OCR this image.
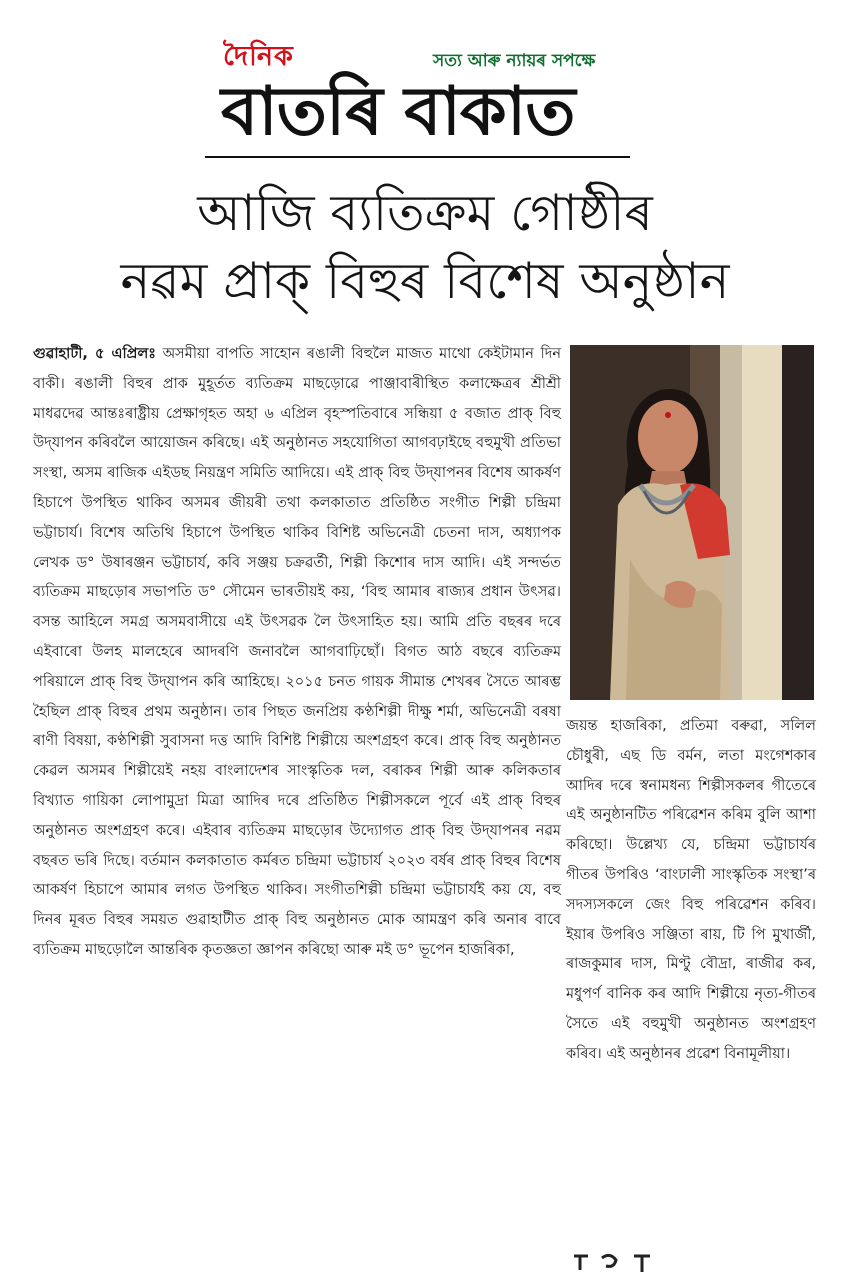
দৈনিক	সত্য আৰু ন্যায়ৰ সপক্ষে
বাতৰি বাকাত
আজি ব্যতিক্ৰম গোষ্ঠীৰ
নৱম প্ৰাক্ বিহুৰ বিশেষ অনুষ্ঠান

গুৱাহাটী, ৫ এপ্ৰিলঃ অসমীয়া বাপতি সাহোন ৰঙালী বিহুলৈ মাজত মাথো কেইটামান দিন বাকী। ৰঙালী বিহুৰ প্ৰাক মুহূৰ্তত ব্যতিক্ৰম মাছড়োৱে পাঞ্জাবাৰীস্থিত কলাক্ষেত্ৰৰ শ্ৰীশ্ৰী মাধৱদেৱ আন্তঃৰাষ্ট্ৰীয় প্ৰেক্ষাগৃহত অহা ৬ এপ্ৰিল বৃহস্পতিবাৰে সন্ধিয়া ৫ বজাত প্ৰাক্ বিহু উদ্‌যাপন কৰিবলৈ আয়োজন কৰিছে। এই অনুষ্ঠানত সহযোগিতা আগবঢ়াইছে বহুমুখী প্ৰতিভা সংস্থা, অসম ৰাজিক এইডছ নিয়ন্ত্ৰণ সমিতি আদিয়ে। এই প্ৰাক্ বিহু উদ্‌যাপনৰ বিশেষ আকৰ্ষণ হিচাপে উপস্থিত থাকিব অসমৰ জীয়ৰী তথা কলকাতাত প্ৰতিষ্ঠিত সংগীত শিল্পী চন্দ্ৰিমা ভট্টাচাৰ্য। বিশেষ অতিথি হিচাপে উপস্থিত থাকিব বিশিষ্ট অভিনেত্ৰী চেতনা দাস, অধ্যাপক লেখক ড° উষাৰঞ্জন ভট্টাচাৰ্য, কবি সঞ্জয় চক্ৰৱৰ্তী, শিল্পী কিশোৰ দাস আদি। এই সন্দৰ্ভত ব্যতিক্ৰম মাছড়োৰ সভাপতি ড° সৌমেন ভাৰতীয়ই কয়, ‘বিহু আমাৰ ৰাজ্যৰ প্ৰধান উৎসৱ। বসন্ত আহিলে সমগ্ৰ অসমবাসীয়ে এই উৎসৱক লৈ উৎসাহিত হয়। আমি প্ৰতি বছৰৰ দৰে এইবাৰো উলহ মালহেৰে আদৰণি জনাবলৈ আগবাঢ়িছোঁ। বিগত আঠ বছৰে ব্যতিক্ৰম পৰিয়ালে প্ৰাক্ বিহু উদ্‌যাপন কৰি আহিছে। ২০১৫ চনত গায়ক সীমান্ত শেখৰৰ সৈতে আৰম্ভ হৈছিল প্ৰাক্ বিহুৰ প্ৰথম অনুষ্ঠান। তাৰ পিছত জনপ্ৰিয় কণ্ঠশিল্পী দীক্ষু শৰ্মা, অভিনেত্ৰী বৰষা ৰাণী বিষয়া, কণ্ঠশিল্পী সুবাসনা দত্ত আদি বিশিষ্ট শিল্পীয়ে অংশগ্ৰহণ কৰে। প্ৰাক্ বিহু অনুষ্ঠানত কেৱল অসমৰ শিল্পীয়েই নহয় বাংলাদেশৰ সাংস্কৃতিক দল, বৰাকৰ শিল্পী আৰু কলিকতাৰ বিখ্যাত গায়িকা লোপামুদ্ৰা মিত্ৰা আদিৰ দৰে প্ৰতিষ্ঠিত শিল্পীসকলে পূৰ্বে এই প্ৰাক্ বিহুৰ অনুষ্ঠানত অংশগ্ৰহণ কৰে। এইবাৰ ব্যতিক্ৰম মাছড়োৰ উদ্যোগত প্ৰাক্ বিহু উদ্‌যাপনৰ নৱম বছৰত ভৰি দিছে। বৰ্তমান কলকাতাত কৰ্মৰত চন্দ্ৰিমা ভট্টাচাৰ্য ২০২৩ বৰ্ষৰ প্ৰাক্ বিহুৰ বিশেষ আকৰ্ষণ হিচাপে আমাৰ লগত উপস্থিত থাকিব। সংগীতশিল্পী চন্দ্ৰিমা ভট্টাচাৰ্যই কয় যে, বহু দিনৰ মূৰত বিহুৰ সময়ত গুৱাহাটীত প্ৰাক্ বিহু অনুষ্ঠানত মোক আমন্ত্ৰণ কৰি অনাৰ বাবে ব্যতিক্ৰম মাছড়োলৈ আন্তৰিক কৃতজ্ঞতা জ্ঞাপন কৰিছো আৰু মই ড° ভূপেন হাজৰিকা,

জয়ন্ত হাজৰিকা, প্ৰতিমা বৰুৱা, সলিল চৌধুৰী, এছ ডি বৰ্মন, লতা মংগেশকাৰ আদিৰ দৰে স্বনামধন্য শিল্পীসকলৰ গীতেৰে এই অনুষ্ঠানটিত পৰিৱেশন কৰিম বুলি আশা কৰিছো। উল্লেখ্য যে, চন্দ্ৰিমা ভট্টাচাৰ্যৰ গীতৰ উপৰিও ‘বাংঢালী সাংস্কৃতিক সংস্থা’ৰ সদস্যসকলে জেং বিহু পৰিৱেশন কৰিব। ইয়াৰ উপৰিও সঞ্জিতা ৰায়, টি পি মুখাৰ্জী, ৰাজকুমাৰ দাস, মিণ্টু বৌদ্ৰা, ৰাজীৱ কৰ, মধুপৰ্ণ বানিক কৰ আদি শিল্পীয়ে নৃত্য-গীতৰ সৈতে এই বহুমুখী অনুষ্ঠানত অংশগ্ৰহণ কৰিব। এই অনুষ্ঠানৰ প্ৰৱেশ বিনামূলীয়া।
